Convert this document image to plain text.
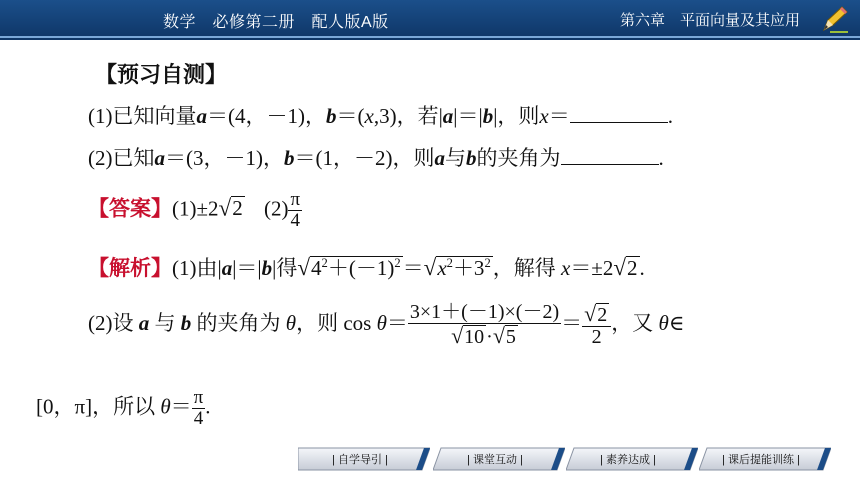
数学　必修第二册　配人版A版	第六章　平面向量及其应用
【预习自测】
(1)已知向量a＝(4，－1)，b＝(x,3)，若|a|＝|b|，则x＝	.
(2)已知a＝(3，－1)，b＝(1，－2)，则a与b的夹角为	.
【答案】(1)±2√2 $(2) \frac{\pi}{4}$
【解析】(1)由|a|＝|b|得$√4^2+(-1)^2=√x^2+3^2$，解得 x＝±2√2.
(2)设 a 与 b 的夹角为 θ，则 $\cos \theta= \frac{3\times 1+(-1)\times(-2)}{√10 \cdot√5} = \frac{√2}{2}$ ，又 θ∈
[0，π]，所以 $\theta= \frac{\pi}{4}$ .
| 自学导引 |	| 课堂互动 |	| 素养达成 |	| 课后提能训练 |
